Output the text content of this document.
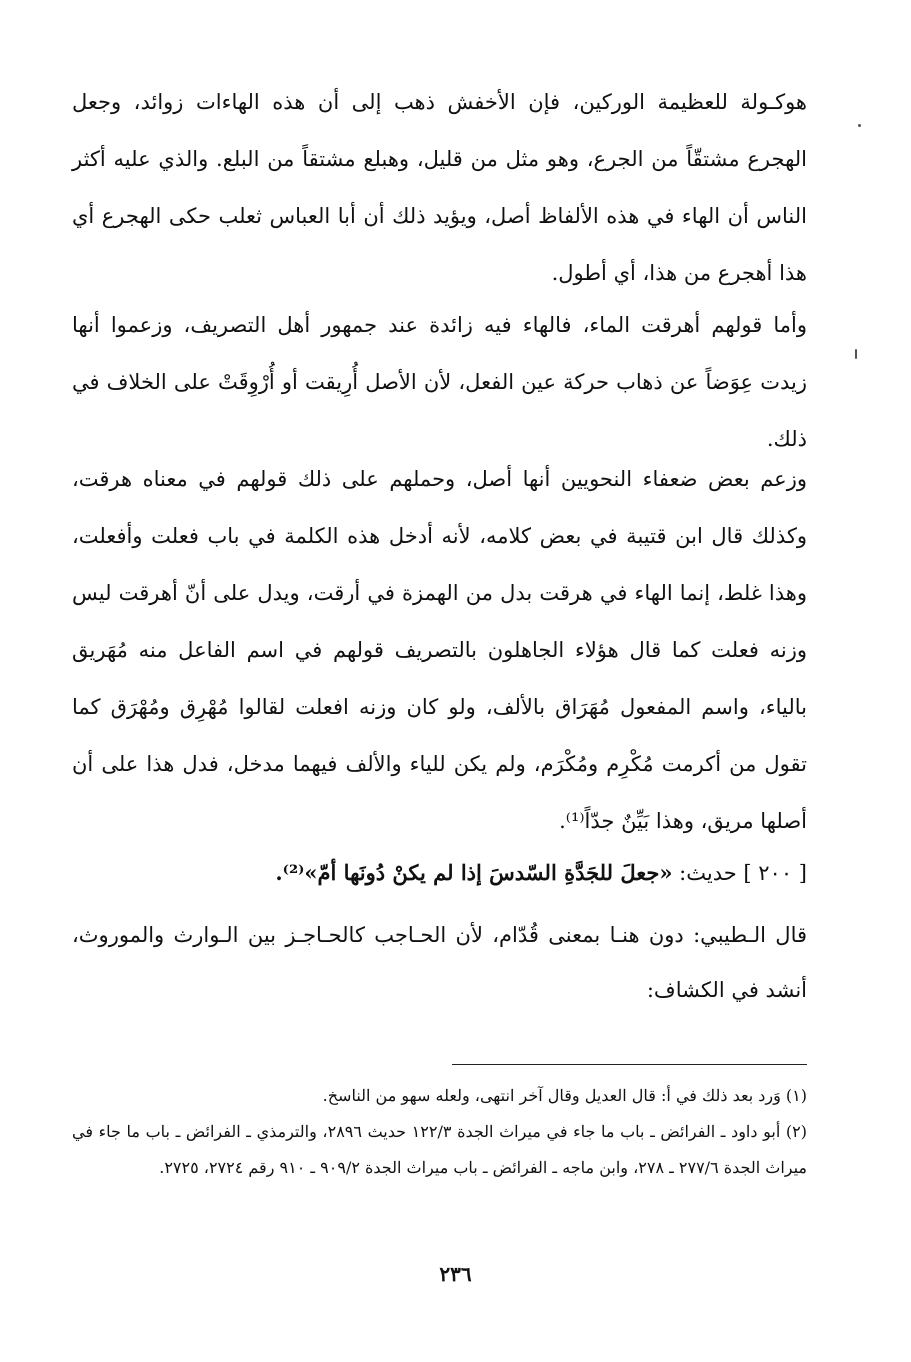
هوكـولة للعظيمة الوركين، فإن الأخفش ذهب إلى أن هذه الهاءات زوائد، وجعل الهجرع مشتقّاً من الجرع، وهو مثل من قليل، وهبلع مشتقاً من البلع. والذي عليه أكثر الناس أن الهاء في هذه الألفاظ أصل، ويؤيد ذلك أن أبا العباس ثعلب حكى الهجرع أي هذا أهجرع من هذا، أي أطول.

وأما قولهم أهرقت الماء، فالهاء فيه زائدة عند جمهور أهل التصريف، وزعموا أنها زيدت عِوَضاً عن ذهاب حركة عين الفعل، لأن الأصل أُرِيقت أو أُرْوِقَتْ على الخلاف في ذلك.

وزعم بعض ضعفاء النحويين أنها أصل، وحملهم على ذلك قولهم في معناه هرقت، وكذلك قال ابن قتيبة في بعض كلامه، لأنه أدخل هذه الكلمة في باب فعلت وأفعلت، وهذا غلط، إنما الهاء في هرقت بدل من الهمزة في أرقت، ويدل على أنّ أهرقت ليس وزنه فعلت كما قال هؤلاء الجاهلون بالتصريف قولهم في اسم الفاعل منه مُهَريق بالياء، واسم المفعول مُهَرَاق بالألف، ولو كان وزنه افعلت لقالوا مُهْرِق ومُهْرَق كما تقول من أكرمت مُكْرِم ومُكْرَم، ولم يكن للياء والألف فيهما مدخل، فدل هذا على أن أصلها مريق، وهذا بَيِّنٌ جدّاً⁽¹⁾.

[ ٢٠٠ ] حديث: «جعلَ للجَدَّةِ السّدسَ إذا لم يكنْ دُونَها أمّ»⁽²⁾.

قال الـطيبي: دون هنـا بمعنى قُدّام، لأن الحـاجب كالحـاجـز بين الـوارث والموروث، أنشد في الكشاف:

(١) وَرد بعد ذلك في أ: قال العديل وقال آخر انتهى، ولعله سهو من الناسخ.

(٢) أبو داود ـ الفرائض ـ باب ما جاء في ميراث الجدة ١٢٢/٣ حديث ٢٨٩٦، والترمذي ـ الفرائض ـ باب ما جاء في ميراث الجدة ٢٧٧/٦ ـ ٢٧٨، وابن ماجه ـ الفرائض ـ باب ميراث الجدة ٩٠٩/٢ ـ ٩١٠ رقم ٢٧٢٤، ٢٧٢٥.

٢٣٦
